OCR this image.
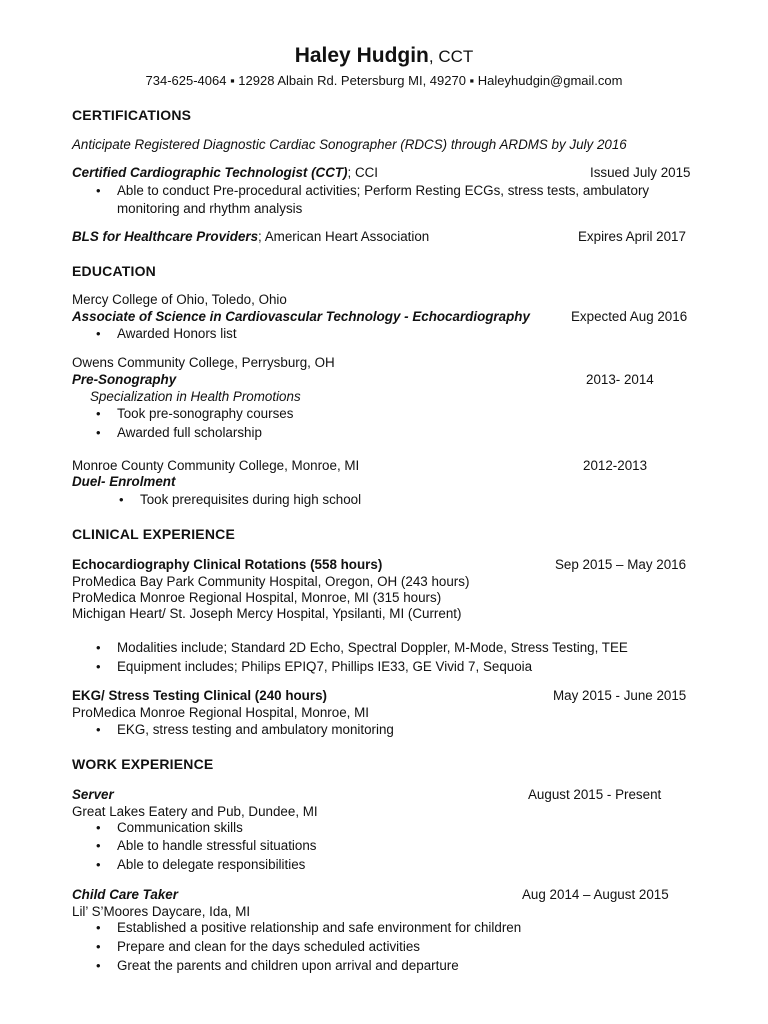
Haley Hudgin, CCT
734-625-4064 ▪ 12928 Albain Rd. Petersburg MI, 49270 ▪ Haleyhudgin@gmail.com
CERTIFICATIONS
Anticipate Registered Diagnostic Cardiac Sonographer (RDCS) through ARDMS by July 2016
Certified Cardiographic Technologist (CCT); CCI	Issued July 2015
• Able to conduct Pre-procedural activities; Perform Resting ECGs, stress tests, ambulatory
monitoring and rhythm analysis
BLS for Healthcare Providers; American Heart Association	Expires April 2017
EDUCATION
Mercy College of Ohio, Toledo, Ohio
Associate of Science in Cardiovascular Technology - Echocardiography	Expected Aug 2016
• Awarded Honors list
Owens Community College, Perrysburg, OH
Pre-Sonography	2013- 2014
Specialization in Health Promotions
• Took pre-sonography courses
• Awarded full scholarship
Monroe County Community College, Monroe, MI	2012-2013
Duel- Enrolment
• Took prerequisites during high school
CLINICAL EXPERIENCE
Echocardiography Clinical Rotations (558 hours)	Sep 2015 – May 2016
ProMedica Bay Park Community Hospital, Oregon, OH (243 hours)
ProMedica Monroe Regional Hospital, Monroe, MI (315 hours)
Michigan Heart/ St. Joseph Mercy Hospital, Ypsilanti, MI (Current)
• Modalities include; Standard 2D Echo, Spectral Doppler, M-Mode, Stress Testing, TEE
• Equipment includes; Philips EPIQ7, Phillips IE33, GE Vivid 7, Sequoia
EKG/ Stress Testing Clinical (240 hours)	May 2015 - June 2015
ProMedica Monroe Regional Hospital, Monroe, MI
• EKG, stress testing and ambulatory monitoring
WORK EXPERIENCE
Server	August 2015 - Present
Great Lakes Eatery and Pub, Dundee, MI
• Communication skills
• Able to handle stressful situations
• Able to delegate responsibilities
Child Care Taker	Aug 2014 – August 2015
Lil’ S’Moores Daycare, Ida, MI
• Established a positive relationship and safe environment for children
• Prepare and clean for the days scheduled activities
• Great the parents and children upon arrival and departure
